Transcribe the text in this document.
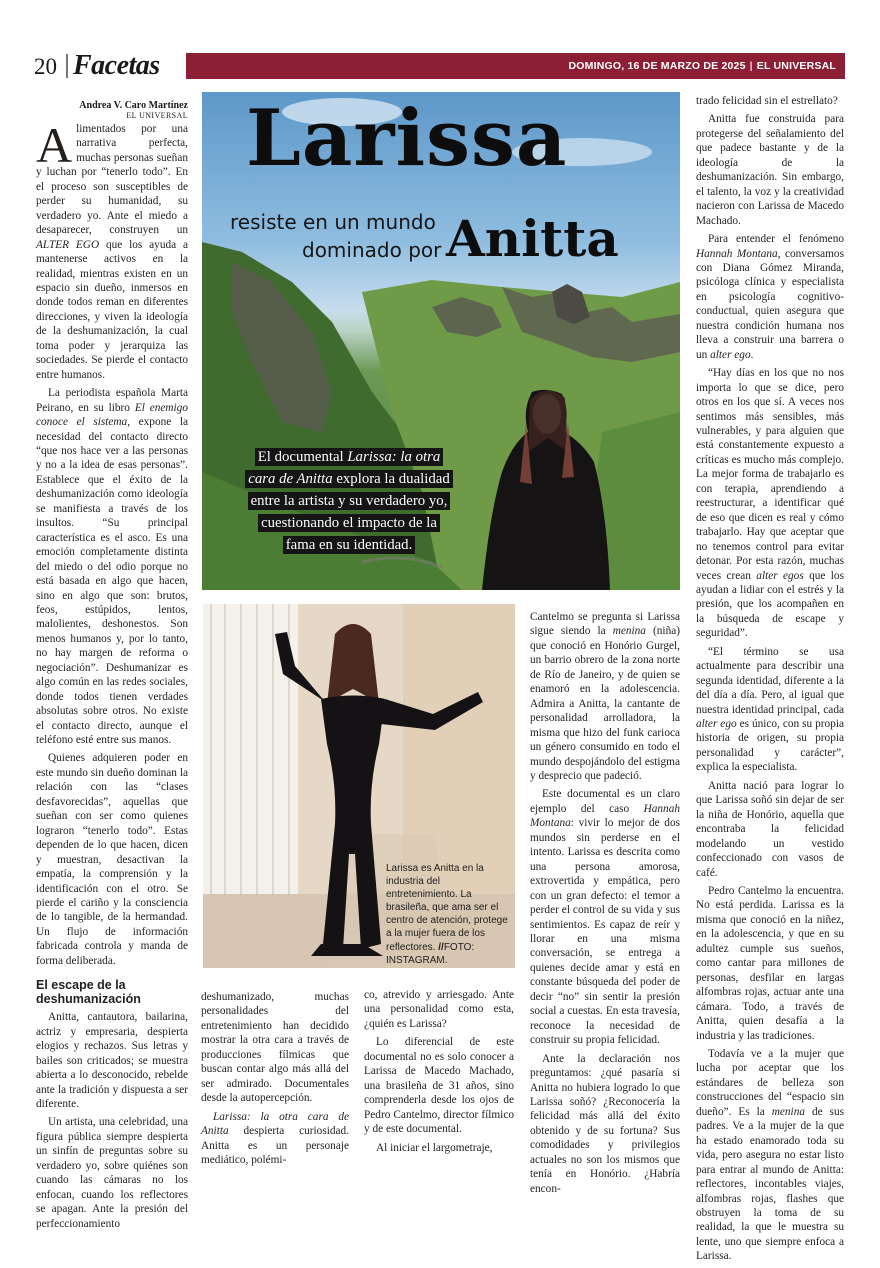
20 Facetas	DOMINGO, 16 DE MARZO DE 2025 | EL UNIVERSAL
Andrea V. Caro Martínez
EL UNIVERSAL

Alimentados por una narrativa perfecta, muchas personas sueñan y luchan por “tenerlo todo”. En el proceso son susceptibles de perder su humanidad, su verdadero yo. Ante el miedo a desaparecer, construyen un ALTER EGO que los ayuda a mantenerse activos en la realidad, mientras existen en un espacio sin dueño, inmersos en donde todos reman en diferentes direcciones, y viven la ideología de la deshumanización, la cual toma poder y jerarquiza las sociedades. Se pierde el contacto entre humanos.

La periodista española Marta Peirano, en su libro El enemigo conoce el sistema, expone la necesidad del contacto directo “que nos hace ver a las personas y no a la idea de esas personas”. Establece que el éxito de la deshumanización como ideología se manifiesta a través de los insultos. “Su principal característica es el asco. Es una emoción completamente distinta del miedo o del odio porque no está basada en algo que hacen, sino en algo que son: brutos, feos, estúpidos, lentos, malolientes, deshonestos. Son menos humanos y, por lo tanto, no hay margen de reforma o negociación”. Deshumanizar es algo común en las redes sociales, donde todos tienen verdades absolutas sobre otros. No existe el contacto directo, aunque el teléfono esté entre sus manos.

Quienes adquieren poder en este mundo sin dueño dominan la relación con las “clases desfavorecidas”, aquellas que sueñan con ser como quienes lograron “tenerlo todo”. Estas dependen de lo que hacen, dicen y muestran, desactivan la empatía, la comprensión y la identificación con el otro. Se pierde el cariño y la consciencia de lo tangible, de la hermandad. Un flujo de información fabricada controla y manda de forma deliberada.

El escape de la deshumanización

Anitta, cantautora, bailarina, actriz y empresaria, despierta elogios y rechazos. Sus letras y bailes son criticados; se muestra abierta a lo desconocido, rebelde ante la tradición y dispuesta a ser diferente.

Un artista, una celebridad, una figura pública siempre despierta un sinfín de preguntas sobre su verdadero yo, sobre quiénes son cuando las cámaras no los enfocan, cuando los reflectores se apagan. Ante la presión del perfeccionamiento

Larissa
resiste en un mundo
dominado por Anitta
El documental Larissa: la otra
cara de Anitta explora la dualidad
entre la artista y su verdadero yo,
cuestionando el impacto de la
fama en su identidad.
Larissa es Anitta en la industria del entretenimiento. La brasileña, que ama ser el centro de atención, protege a la mujer fuera de los reflectores. //FOTO: INSTAGRAM.

deshumanizado, muchas personalidades del entretenimiento han decidido mostrar la otra cara a través de producciones fílmicas que buscan contar algo más allá del ser admirado. Documentales desde la autopercepción.

Larissa: la otra cara de Anitta despierta curiosidad. Anitta es un personaje mediático, polémi-

co, atrevido y arriesgado. Ante una personalidad como esta, ¿quién es Larissa?

Lo diferencial de este documental no es solo conocer a Larissa de Macedo Machado, una brasileña de 31 años, sino comprenderla desde los ojos de Pedro Cantelmo, director fílmico y de este documental.

Al iniciar el largometraje,

Cantelmo se pregunta si Larissa sigue siendo la menina (niña) que conoció en Honório Gurgel, un barrio obrero de la zona norte de Río de Janeiro, y de quien se enamoró en la adolescencia. Admira a Anitta, la cantante de personalidad arrolladora, la misma que hizo del funk carioca un género consumido en todo el mundo despojándolo del estigma y desprecio que padeció.

Este documental es un claro ejemplo del caso Hannah Montana: vivir lo mejor de dos mundos sin perderse en el intento. Larissa es descrita como una persona amorosa, extrovertida y empática, pero con un gran defecto: el temor a perder el control de su vida y sus sentimientos. Es capaz de reír y llorar en una misma conversación, se entrega a quienes decide amar y está en constante búsqueda del poder de decir “no” sin sentir la presión social a cuestas. En esta travesía, reconoce la necesidad de construir su propia felicidad.

Ante la declaración nos preguntamos: ¿qué pasaría si Anitta no hubiera logrado lo que Larissa soñó? ¿Reconocería la felicidad más allá del éxito obtenido y de su fortuna? Sus comodidades y privilegios actuales no son los mismos que tenía en Honório. ¿Habría encon-

trado felicidad sin el estrellato?

Anitta fue construida para protegerse del señalamiento del que padece bastante y de la ideología de la deshumanización. Sin embargo, el talento, la voz y la creatividad nacieron con Larissa de Macedo Machado.

Para entender el fenómeno Hannah Montana, conversamos con Diana Gómez Miranda, psicóloga clínica y especialista en psicología cognitivo-conductual, quien asegura que nuestra condición humana nos lleva a construir una barrera o un alter ego.

“Hay días en los que no nos importa lo que se dice, pero otros en los que sí. A veces nos sentimos más sensibles, más vulnerables, y para alguien que está constantemente expuesto a críticas es mucho más complejo. La mejor forma de trabajarlo es con terapia, aprendiendo a reestructurar, a identificar qué de eso que dicen es real y cómo trabajarlo. Hay que aceptar que no tenemos control para evitar detonar. Por esta razón, muchas veces crean alter egos que los ayudan a lidiar con el estrés y la presión, que los acompañen en la búsqueda de escape y seguridad”.

“El término se usa actualmente para describir una segunda identidad, diferente a la del día a día. Pero, al igual que nuestra identidad principal, cada alter ego es único, con su propia historia de origen, su propia personalidad y carácter”, explica la especialista.

Anitta nació para lograr lo que Larissa soñó sin dejar de ser la niña de Honório, aquella que encontraba la felicidad modelando un vestido confeccionado con vasos de café.

Pedro Cantelmo la encuentra. No está perdida. Larissa es la misma que conoció en la niñez, en la adolescencia, y que en su adultez cumple sus sueños, como cantar para millones de personas, desfilar en largas alfombras rojas, actuar ante una cámara. Todo, a través de Anitta, quien desafía a la industria y las tradiciones.

Todavía ve a la mujer que lucha por aceptar que los estándares de belleza son construcciones del “espacio sin dueño”. Es la menina de sus padres. Ve a la mujer de la que ha estado enamorado toda su vida, pero asegura no estar listo para entrar al mundo de Anitta: reflectores, incontables viajes, alfombras rojas, flashes que obstruyen la toma de su realidad, la que le muestra su lente, uno que siempre enfoca a Larissa.
